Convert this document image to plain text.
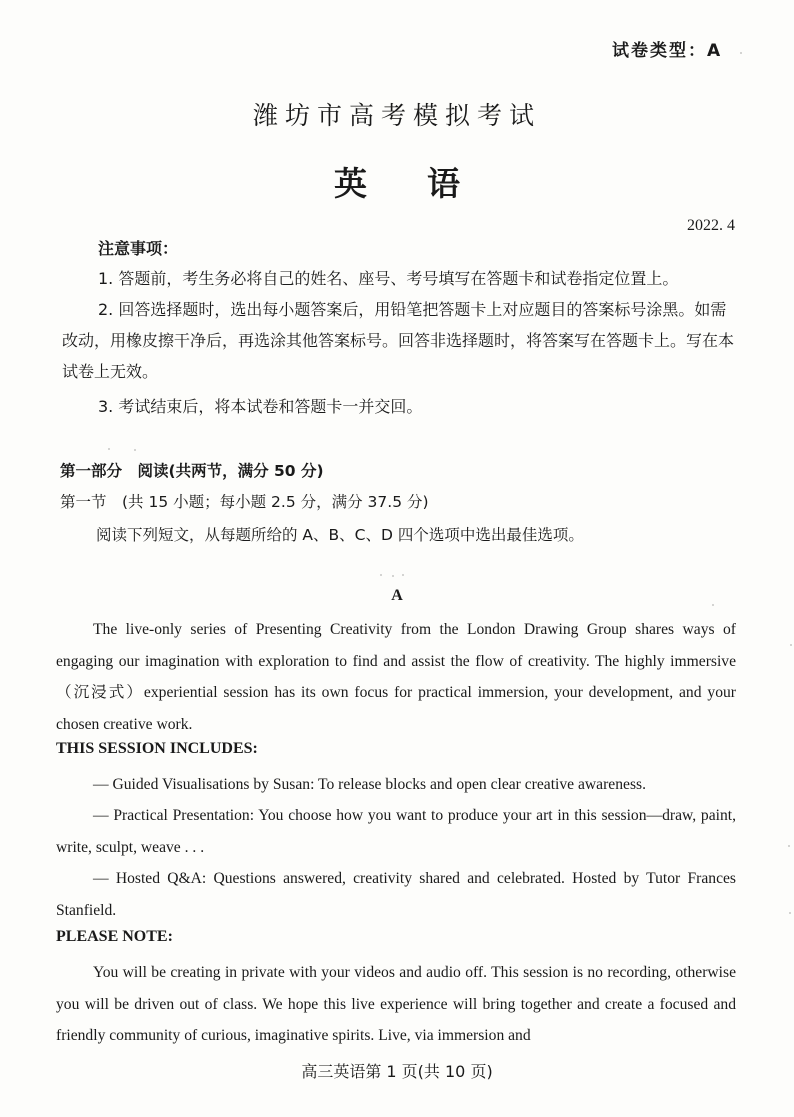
试卷类型：A
潍坊市高考模拟考试
英语
2022. 4
注意事项：
1. 答题前，考生务必将自己的姓名、座号、考号填写在答题卡和试卷指定位置上。
2. 回答选择题时，选出每小题答案后，用铅笔把答题卡上对应题目的答案标号涂黑。如需改动，用橡皮擦干净后，再选涂其他答案标号。回答非选择题时，将答案写在答题卡上。写在本试卷上无效。
3. 考试结束后，将本试卷和答题卡一并交回。
第一部分　阅读(共两节，满分 50 分)
第一节　(共 15 小题；每小题 2.5 分，满分 37.5 分)
阅读下列短文，从每题所给的 A、B、C、D 四个选项中选出最佳选项。
A
The live-only series of Presenting Creativity from the London Drawing Group shares ways of engaging our imagination with exploration to find and assist the flow of creativity. The highly immersive（沉浸式）experiential session has its own focus for practical immersion, your development, and your chosen creative work.
THIS SESSION INCLUDES:
— Guided Visualisations by Susan: To release blocks and open clear creative awareness.
— Practical Presentation: You choose how you want to produce your art in this session—draw, paint, write, sculpt, weave . . .
— Hosted Q&A: Questions answered, creativity shared and celebrated. Hosted by Tutor Frances Stanfield.
PLEASE NOTE:
You will be creating in private with your videos and audio off. This session is no recording, otherwise you will be driven out of class. We hope this live experience will bring together and create a focused and friendly community of curious, imaginative spirits. Live, via immersion and
高三英语第 1 页(共 10 页)
